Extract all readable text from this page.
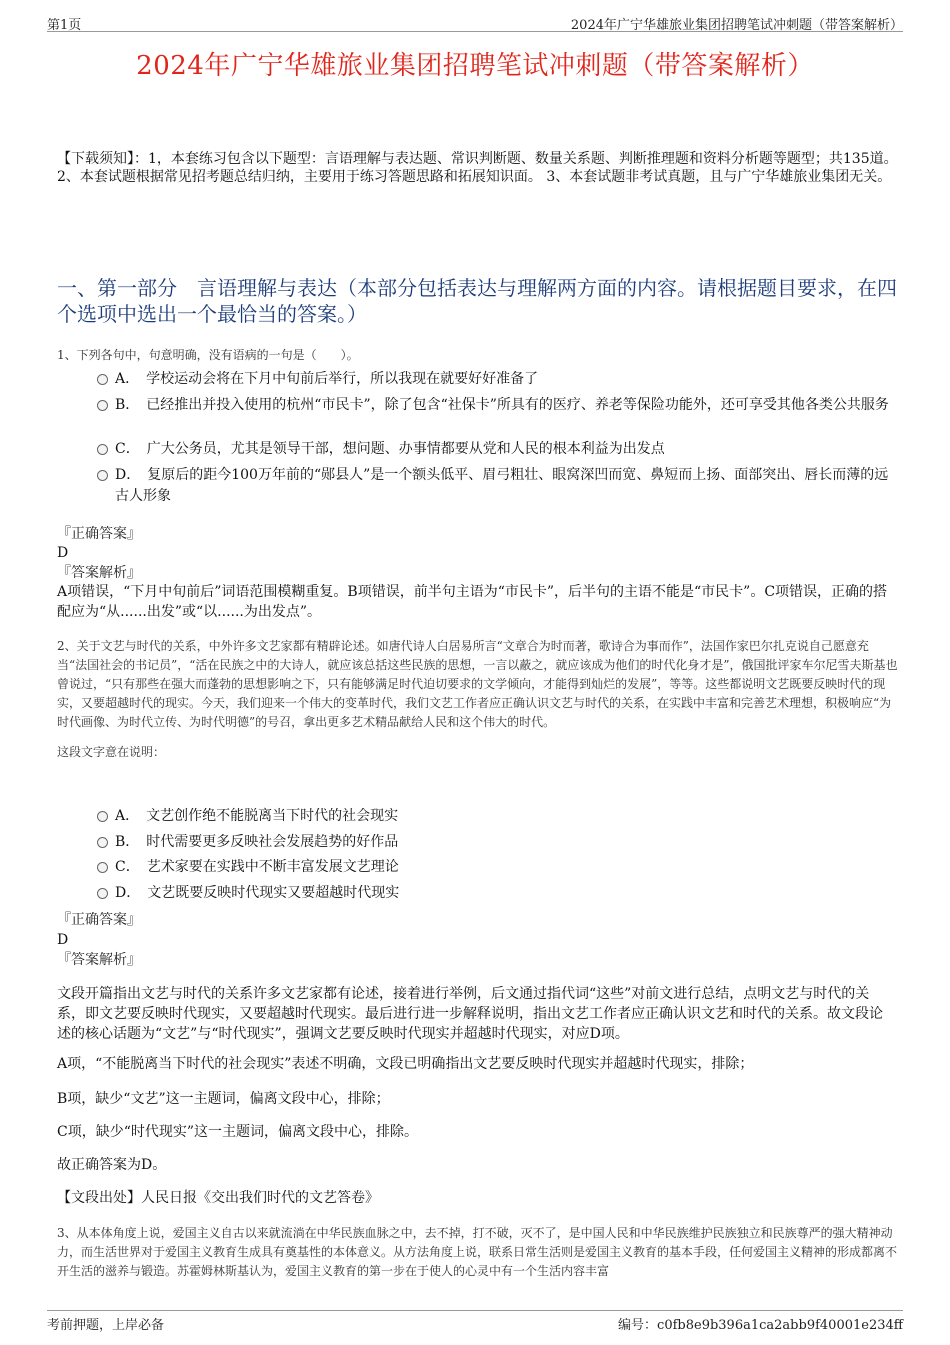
第1页	2024年广宁华雄旅业集团招聘笔试冲刺题（带答案解析）
2024年广宁华雄旅业集团招聘笔试冲刺题（带答案解析）
【下载须知】：1，本套练习包含以下题型：言语理解与表达题、常识判断题、数量关系题、判断推理题和资料分析题等题型；共135道。 2、本套试题根据常见招考题总结归纳，主要用于练习答题思路和拓展知识面。 3、本套试题非考试真题，且与广宁华雄旅业集团无关。
一、第一部分　言语理解与表达（本部分包括表达与理解两方面的内容。请根据题目要求，在四个选项中选出一个最恰当的答案。）
1、下列各句中，句意明确，没有语病的一句是（　　）。
A．　学校运动会将在下月中旬前后举行，所以我现在就要好好准备了
B．　已经推出并投入使用的杭州“市民卡”，除了包含“社保卡”所具有的医疗、养老等保险功能外，还可享受其他各类公共服务
C．　广大公务员，尤其是领导干部，想问题、办事情都要从党和人民的根本利益为出发点
D．　复原后的距今100万年前的“郧县人”是一个额头低平、眉弓粗壮、眼窝深凹而宽、鼻短而上扬、面部突出、唇长而薄的远古人形象
『正确答案』
D
『答案解析』
A项错误，“下月中旬前后”词语范围模糊重复。B项错误，前半句主语为“市民卡”，后半句的主语不能是“市民卡”。C项错误，正确的搭配应为“从......出发”或“以......为出发点”。
2、关于文艺与时代的关系，中外许多文艺家都有精辟论述。如唐代诗人白居易所言“文章合为时而著，歌诗合为事而作”，法国作家巴尔扎克说自己愿意充当“法国社会的书记员”，“活在民族之中的大诗人，就应该总括这些民族的思想，一言以蔽之，就应该成为他们的时代化身才是”，俄国批评家车尔尼雪夫斯基也曾说过，“只有那些在强大而蓬勃的思想影响之下，只有能够满足时代迫切要求的文学倾向，才能得到灿烂的发展”，等等。这些都说明文艺既要反映时代的现实，又要超越时代的现实。今天，我们迎来一个伟大的变革时代，我们文艺工作者应正确认识文艺与时代的关系，在实践中丰富和完善艺术理想，积极响应“为时代画像、为时代立传、为时代明德”的号召，拿出更多艺术精品献给人民和这个伟大的时代。
这段文字意在说明：
A．　文艺创作绝不能脱离当下时代的社会现实
B．　时代需要更多反映社会发展趋势的好作品
C．　艺术家要在实践中不断丰富发展文艺理论
D．　文艺既要反映时代现实又要超越时代现实
『正确答案』
D
『答案解析』
文段开篇指出文艺与时代的关系许多文艺家都有论述，接着进行举例，后文通过指代词“这些”对前文进行总结，点明文艺与时代的关系，即文艺要反映时代现实，又要超越时代现实。最后进行进一步解释说明，指出文艺工作者应正确认识文艺和时代的关系。故文段论述的核心话题为“文艺”与“时代现实”，强调文艺要反映时代现实并超越时代现实，对应D项。
A项，“不能脱离当下时代的社会现实”表述不明确，文段已明确指出文艺要反映时代现实并超越时代现实，排除；
B项，缺少“文艺”这一主题词，偏离文段中心，排除；
C项，缺少“时代现实”这一主题词，偏离文段中心，排除。
故正确答案为D。
【文段出处】人民日报《交出我们时代的文艺答卷》
3、从本体角度上说，爱国主义自古以来就流淌在中华民族血脉之中，去不掉，打不破，灭不了，是中国人民和中华民族维护民族独立和民族尊严的强大精神动力，而生活世界对于爱国主义教育生成具有奠基性的本体意义。从方法角度上说，联系日常生活则是爱国主义教育的基本手段，任何爱国主义精神的形成都离不开生活的滋养与锻造。苏霍姆林斯基认为，爱国主义教育的第一步在于使人的心灵中有一个生活内容丰富
考前押题，上岸必备	编号：c0fb8e9b396a1ca2abb9f40001e234ff
